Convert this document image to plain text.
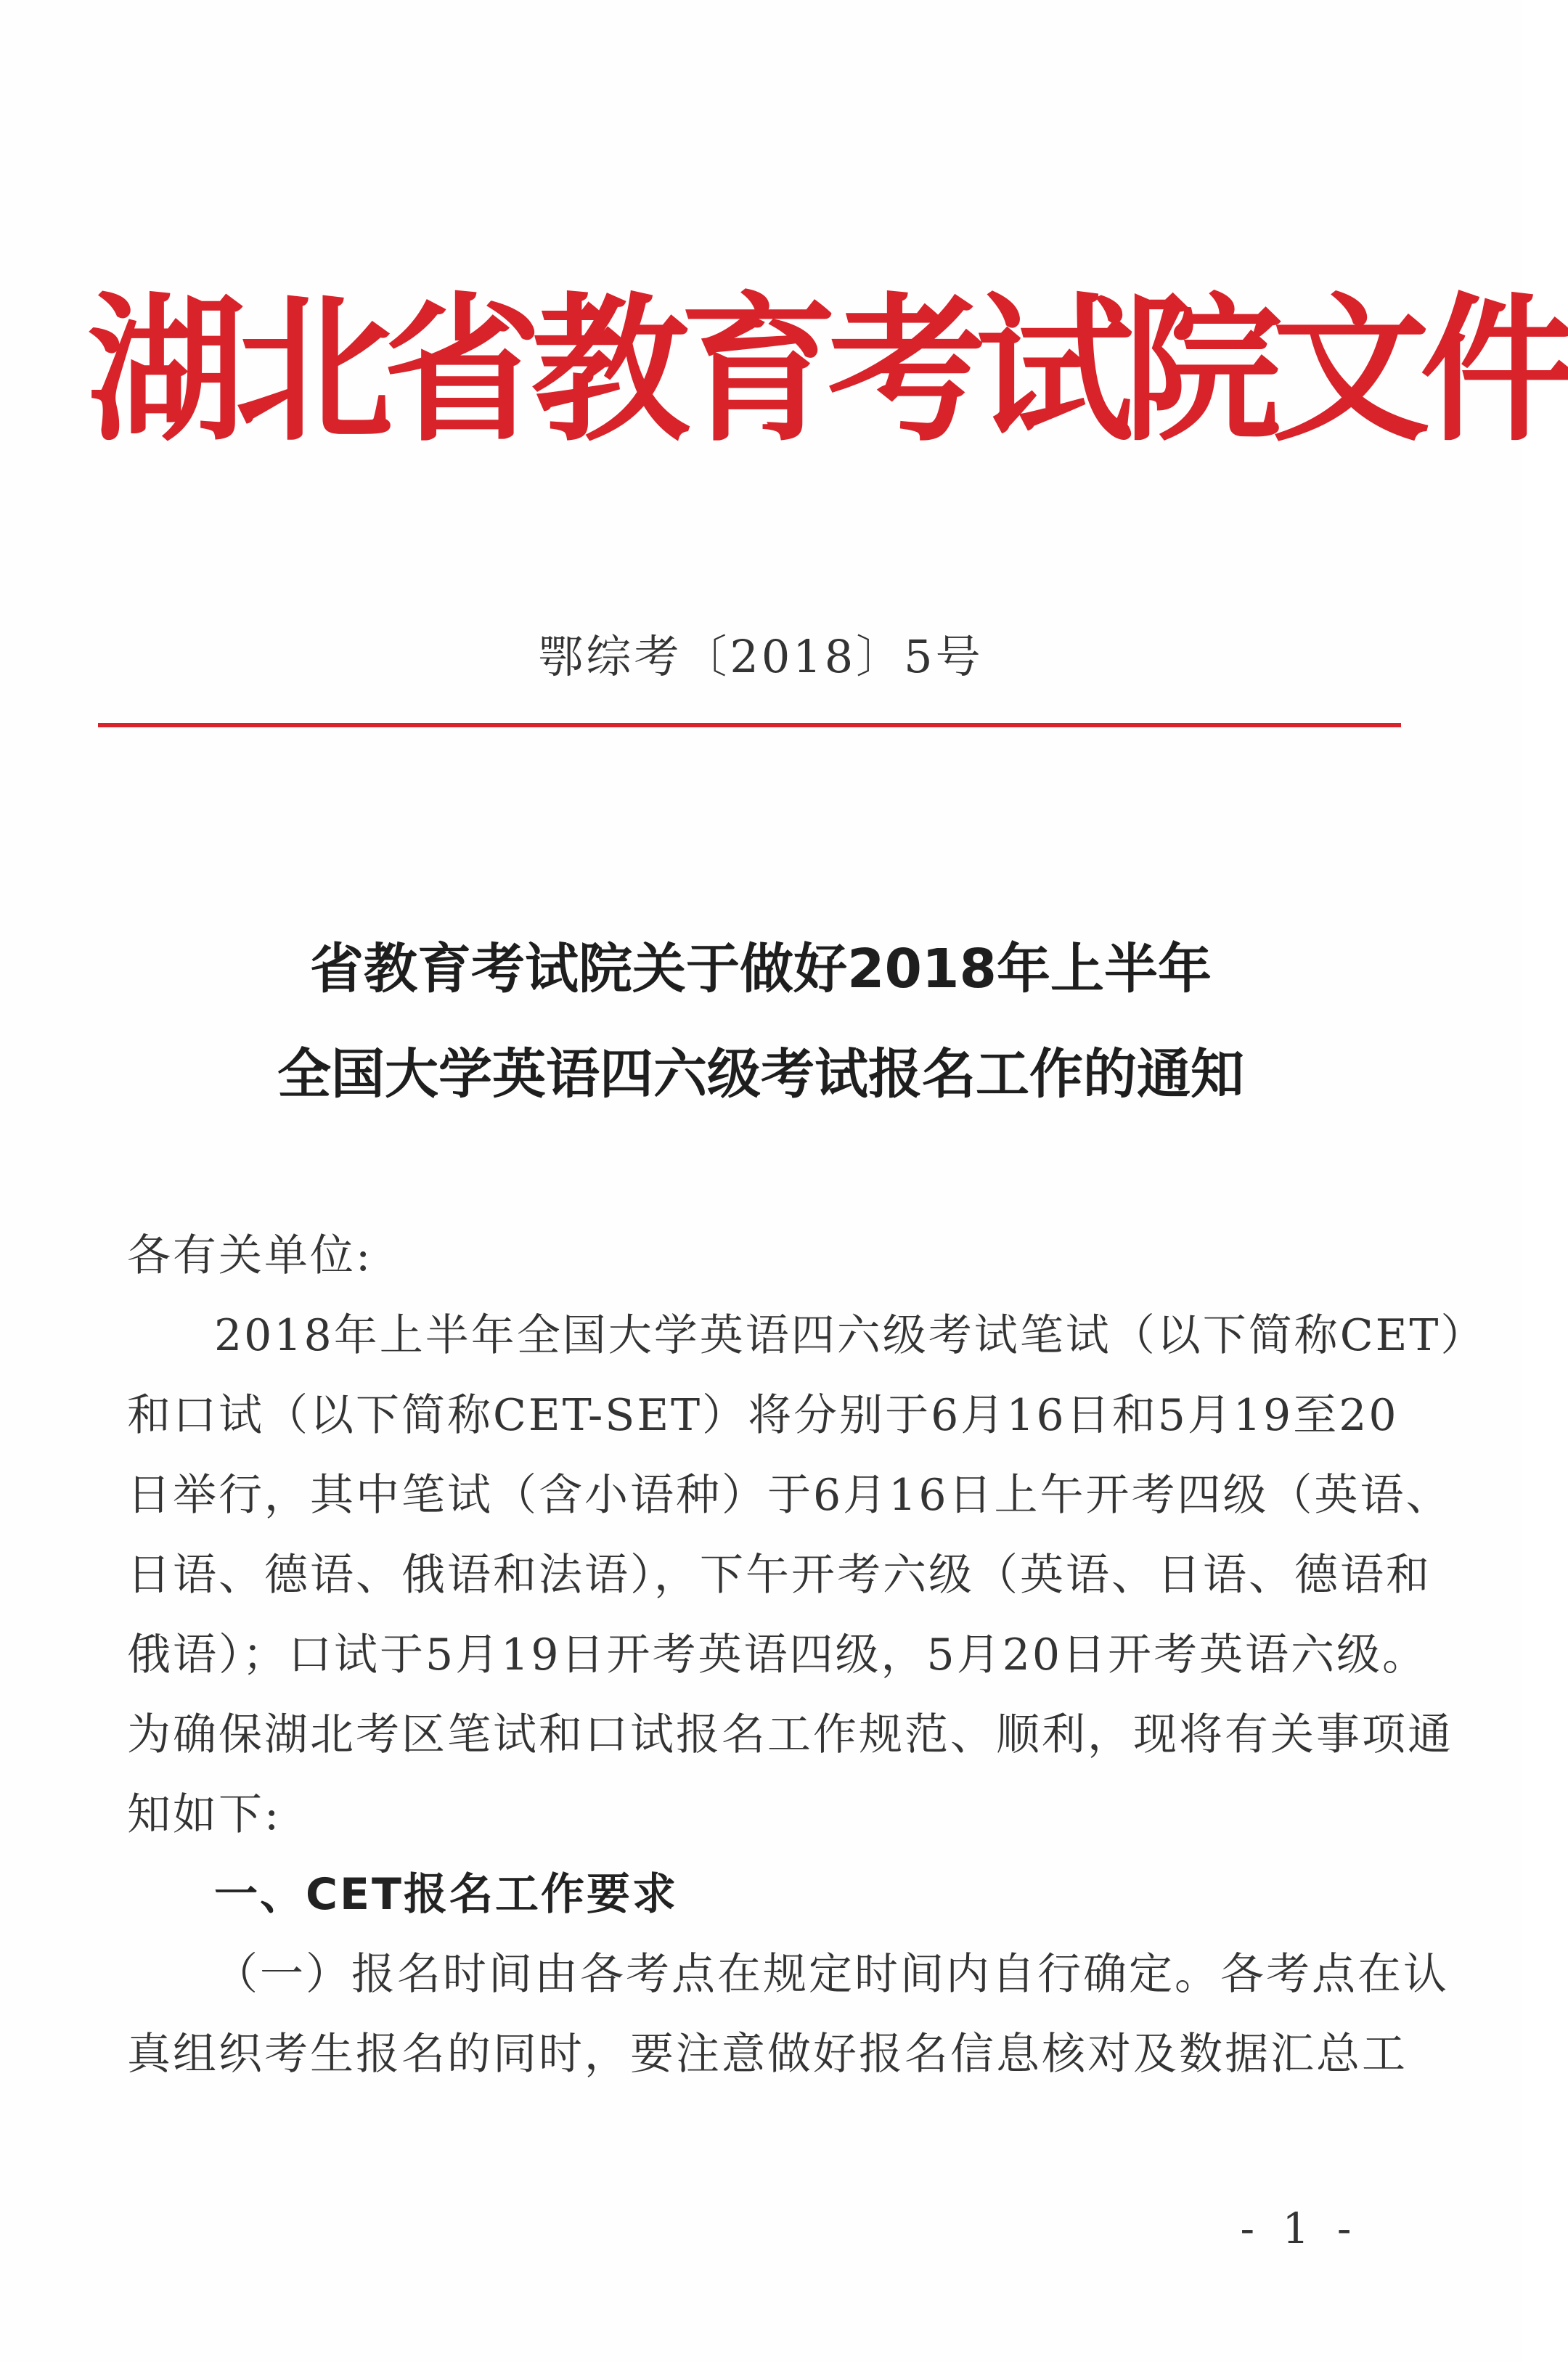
湖北省教育考试院文件
鄂综考〔2018〕5号
省教育考试院关于做好2018年上半年
全国大学英语四六级考试报名工作的通知
各有关单位:
2018年上半年全国大学英语四六级考试笔试（以下简称CET）
和口试（以下简称CET-SET）将分别于6月16日和5月19至20
日举行，其中笔试（含小语种）于6月16日上午开考四级（英语、
日语、德语、俄语和法语），下午开考六级（英语、日语、德语和
俄语）；口试于5月19日开考英语四级，5月20日开考英语六级。
为确保湖北考区笔试和口试报名工作规范、顺利，现将有关事项通
知如下:
一、CET报名工作要求
（一）报名时间由各考点在规定时间内自行确定。各考点在认
真组织考生报名的同时，要注意做好报名信息核对及数据汇总工
- 1 -
